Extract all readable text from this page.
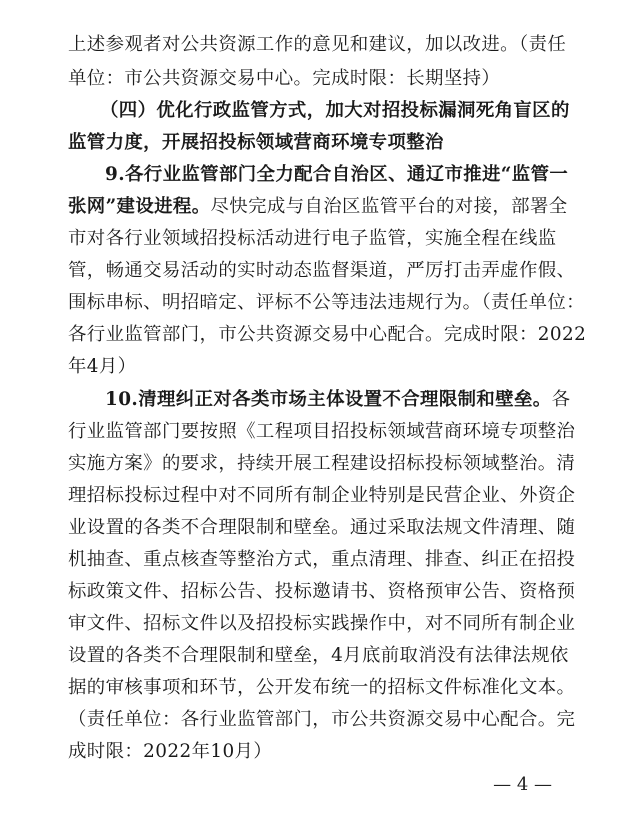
上述参观者对公共资源工作的意见和建议，加以改进。（责任
单位：市公共资源交易中心。完成时限：长期坚持）
（四）优化行政监管方式，加大对招投标漏洞死角盲区的
监管力度，开展招投标领域营商环境专项整治
9.各行业监管部门全力配合自治区、通辽市推进“监管一
张网”建设进程。尽快完成与自治区监管平台的对接，部署全
市对各行业领域招投标活动进行电子监管，实施全程在线监
管，畅通交易活动的实时动态监督渠道，严厉打击弄虚作假、
围标串标、明招暗定、评标不公等违法违规行为。（责任单位：
各行业监管部门，市公共资源交易中心配合。完成时限：2022
年4月）
10.清理纠正对各类市场主体设置不合理限制和壁垒。各
行业监管部门要按照《工程项目招投标领域营商环境专项整治
实施方案》的要求，持续开展工程建设招标投标领域整治。清
理招标投标过程中对不同所有制企业特别是民营企业、外资企
业设置的各类不合理限制和壁垒。通过采取法规文件清理、随
机抽查、重点核查等整治方式，重点清理、排查、纠正在招投
标政策文件、招标公告、投标邀请书、资格预审公告、资格预
审文件、招标文件以及招投标实践操作中，对不同所有制企业
设置的各类不合理限制和壁垒，4月底前取消没有法律法规依
据的审核事项和环节，公开发布统一的招标文件标准化文本。
（责任单位：各行业监管部门，市公共资源交易中心配合。完
成时限：2022年10月）
— 4 —
